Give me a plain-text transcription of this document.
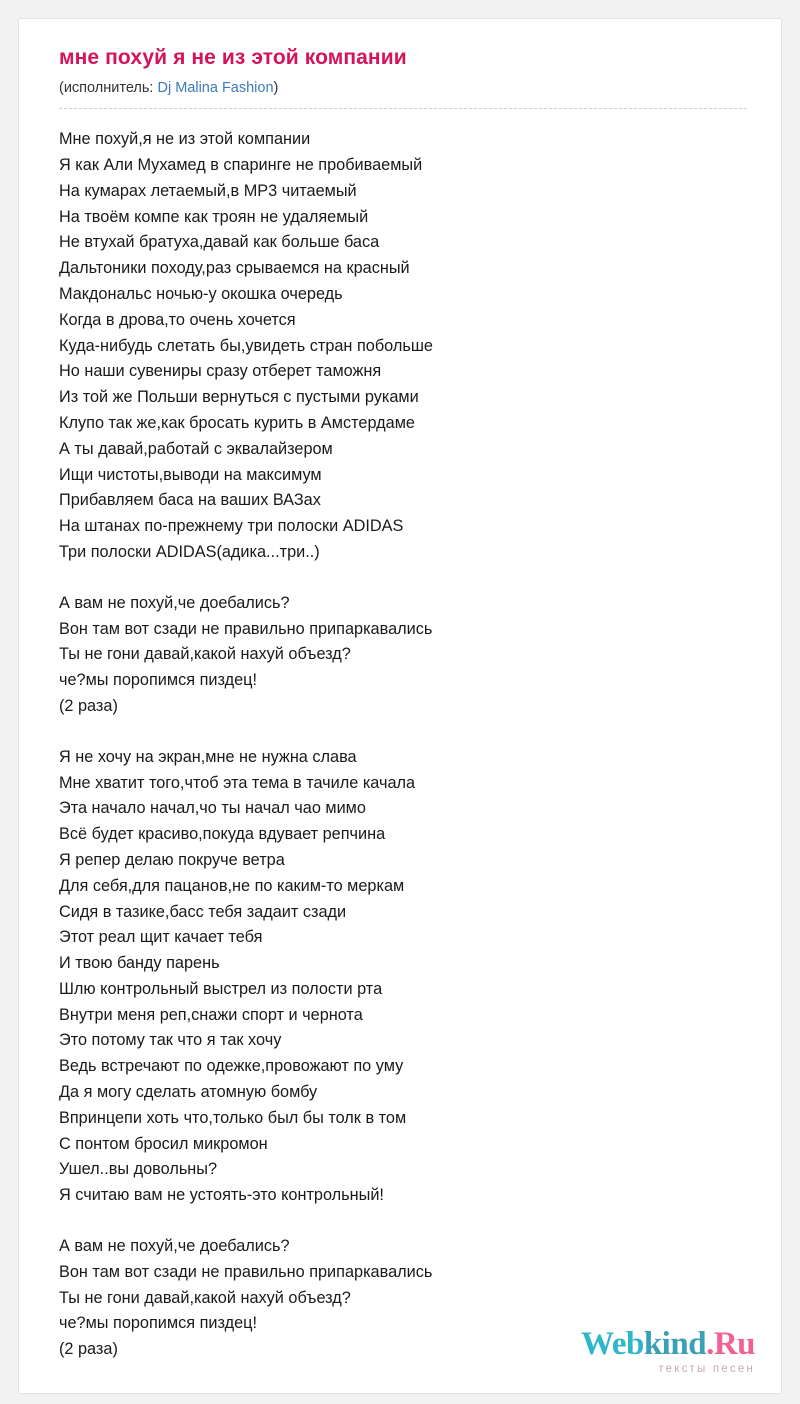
мне похуй я не из этой компании
(исполнитель: Dj Malina Fashion)

Мне похуй,я не из этой компании
Я как Али Мухамед в спаринге не пробиваемый
На кумарах летаемый,в МР3 читаемый
На твоём компе как троян не удаляемый
Не втухай братуха,давай как больше баса
Дальтоники походу,раз срываемся на красный
Макдональс ночью-у окошка очередь
Когда в дрова,то очень хочется
Куда-нибудь слетать бы,увидеть стран побольше
Но наши сувениры сразу отберет таможня
Из той же Польши вернуться с пустыми руками
Клупо так же,как бросать курить в Амстердаме
А ты давай,работай с эквалайзером
Ищи чистоты,выводи на максимум
Прибавляем баса на ваших ВАЗах
На штанах по-прежнему три полоски ADIDAS
Три полоски ADIDAS(адика...три..)

А вам не похуй,че доебались?
Вон там вот сзади не правильно припаркавались
Ты не гони давай,какой нахуй объезд?
че?мы поропимся пиздец!
(2 раза)

Я не хочу на экран,мне не нужна слава
Мне хватит того,чтоб эта тема в тачиле качала
Эта начало начал,чо ты начал чао мимо
Всё будет красиво,покуда вдувает репчина
Я репер делаю покруче ветра
Для себя,для пацанов,не по каким-то меркам
Сидя в тазике,басс тебя задаит сзади
Этот реал щит качает тебя
И твою банду парень
Шлю контрольный выстрел из полости рта
Внутри меня реп,снажи спорт и чернота
Это потому так что я так хочу
Ведь встречают по одежке,провожают по уму
Да я могу сделать атомную бомбу
Впринцепи хоть что,только был бы толк в том
С понтом бросил микромон
Ушел..вы довольны?
Я считаю вам не устоять-это контрольный!

А вам не похуй,че доебались?
Вон там вот сзади не правильно припаркавались
Ты не гони давай,какой нахуй объезд?
че?мы поропимся пиздец!
(2 раза)	Webkind.Ru
тексты песен
